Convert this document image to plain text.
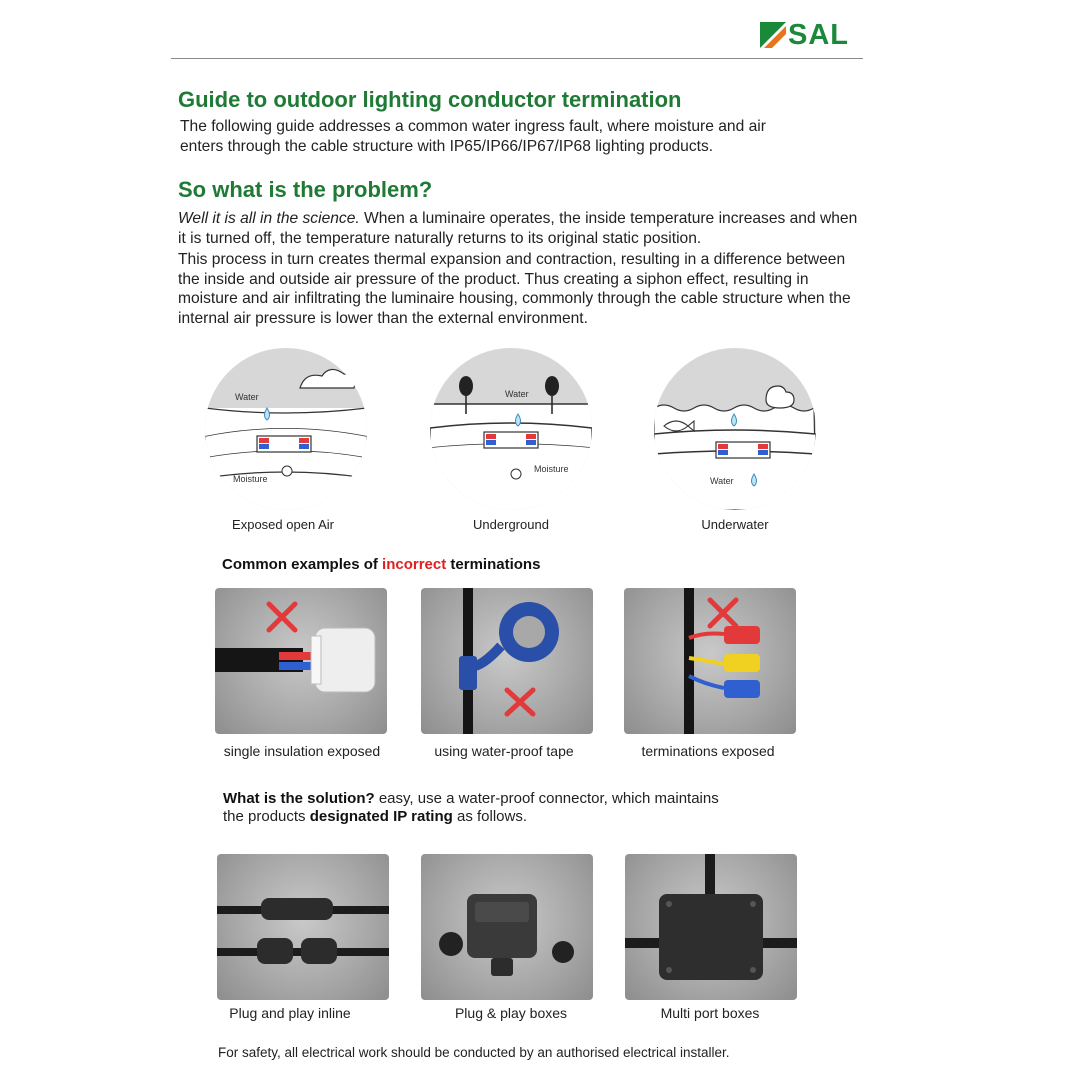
SAL
Guide to outdoor lighting conductor termination
The following guide addresses a common water ingress fault, where moisture and air
enters through the cable structure with IP65/IP66/IP67/IP68 lighting products.
So what is the problem?
Well it is all in the science. When a luminaire operates, the inside temperature increases and when it is turned off, the temperature naturally returns to its original static position.
This process in turn creates thermal expansion and contraction, resulting in a difference between the inside and outside air pressure of the product. Thus creating a siphon effect, resulting in moisture and air infiltrating the luminaire housing, commonly through the cable structure when the internal air pressure is lower than the external environment.
Water
Moisture
Exposed open Air
Water
Moisture
Underground
Water
Underwater
Common examples of incorrect terminations
single insulation exposed	using water-proof tape	terminations exposed
What is the solution? easy, use a water-proof connector, which maintains
the products designated IP rating as follows.
Plug and play inline	Plug & play boxes	Multi port boxes
For safety, all electrical work should be conducted by an authorised electrical installer.
